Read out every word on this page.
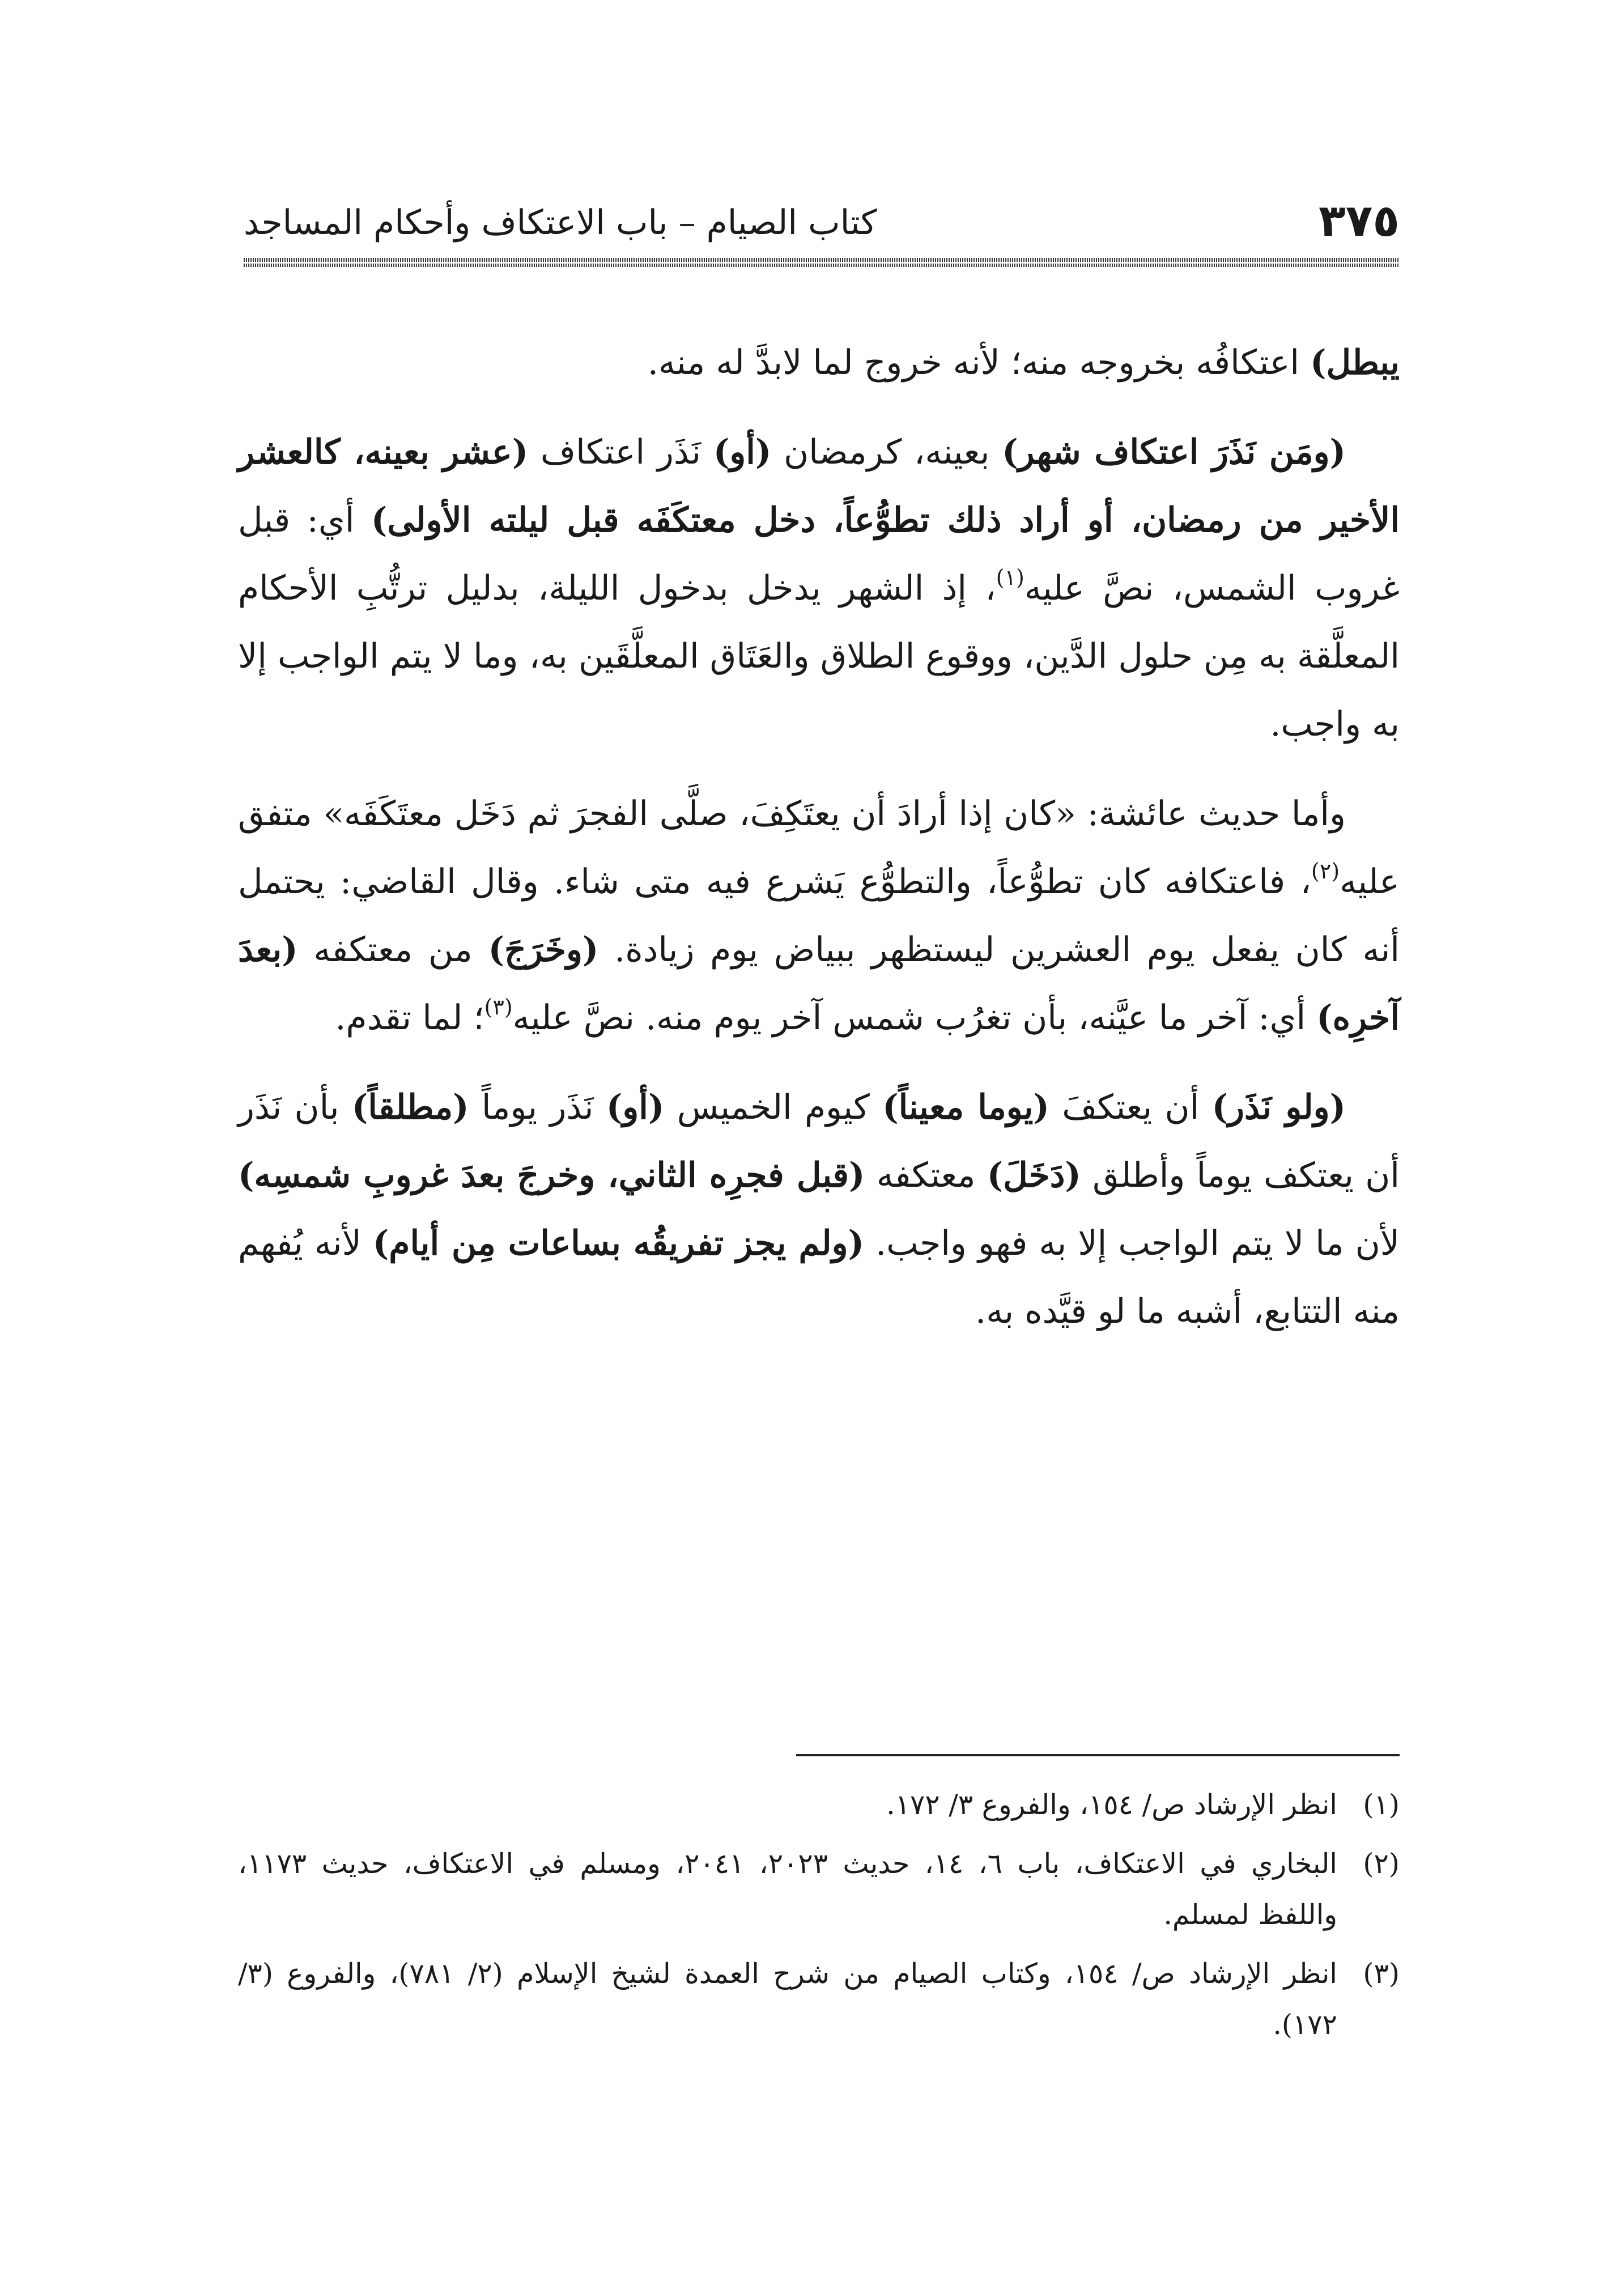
٣٧٥
كتاب الصيام – باب الاعتكاف وأحكام المساجد

يبطل) اعتكافُه بخروجه منه؛ لأنه خروج لما لابدَّ له منه.

(ومَن نَذَرَ اعتكاف شهر) بعينه، كرمضان (أو) نَذَر اعتكاف (عشر بعينه، كالعشر الأخير من رمضان، أو أراد ذلك تطوُّعاً، دخل معتكَفَه قبل ليلته الأولى) أي: قبل غروب الشمس، نصَّ عليه$^{(١)}$، إذ الشهر يدخل بدخول الليلة، بدليل ترتُّبِ الأحكام المعلَّقة به مِن حلول الدَّين، ووقوع الطلاق والعَتَاق المعلَّقَين به، وما لا يتم الواجب إلا به واجب.

وأما حديث عائشة: «كان إذا أرادَ أن يعتَكِفَ، صلَّى الفجرَ ثم دَخَل معتَكَفَه» متفق عليه$^{(٢)}$، فاعتكافه كان تطوُّعاً، والتطوُّع يَشرع فيه متى شاء. وقال القاضي: يحتمل أنه كان يفعل يوم العشرين ليستظهر ببياض يوم زيادة. (وخَرَجَ) من معتكفه (بعدَ آخرِه) أي: آخر ما عيَّنه، بأن تغرُب شمس آخر يوم منه. نصَّ عليه$^{(٣)}$؛ لما تقدم.

(ولو نَذَر) أن يعتكفَ (يوما معيناً) كيوم الخميس (أو) نَذَر يوماً (مطلقاً) بأن نَذَر أن يعتكف يوماً وأطلق (دَخَلَ) معتكفه (قبل فجرِه الثاني، وخرجَ بعدَ غروبِ شمسِه) لأن ما لا يتم الواجب إلا به فهو واجب. (ولم يجز تفريقُه بساعات مِن أيام) لأنه يُفهم منه التتابع، أشبه ما لو قيَّده به.

(١)
انظر الإرشاد ص/ ١٥٤، والفروع ٣/ ١٧٢.

(٢)
البخاري في الاعتكاف، باب ٦، ١٤، حديث ٢٠٢٣، ٢٠٤١، ومسلم في الاعتكاف، حديث ١١٧٣، واللفظ لمسلم.

(٣)
انظر الإرشاد ص/ ١٥٤، وكتاب الصيام من شرح العمدة لشيخ الإسلام (٢/ ٧٨١)، والفروع (٣/ ١٧٢).
